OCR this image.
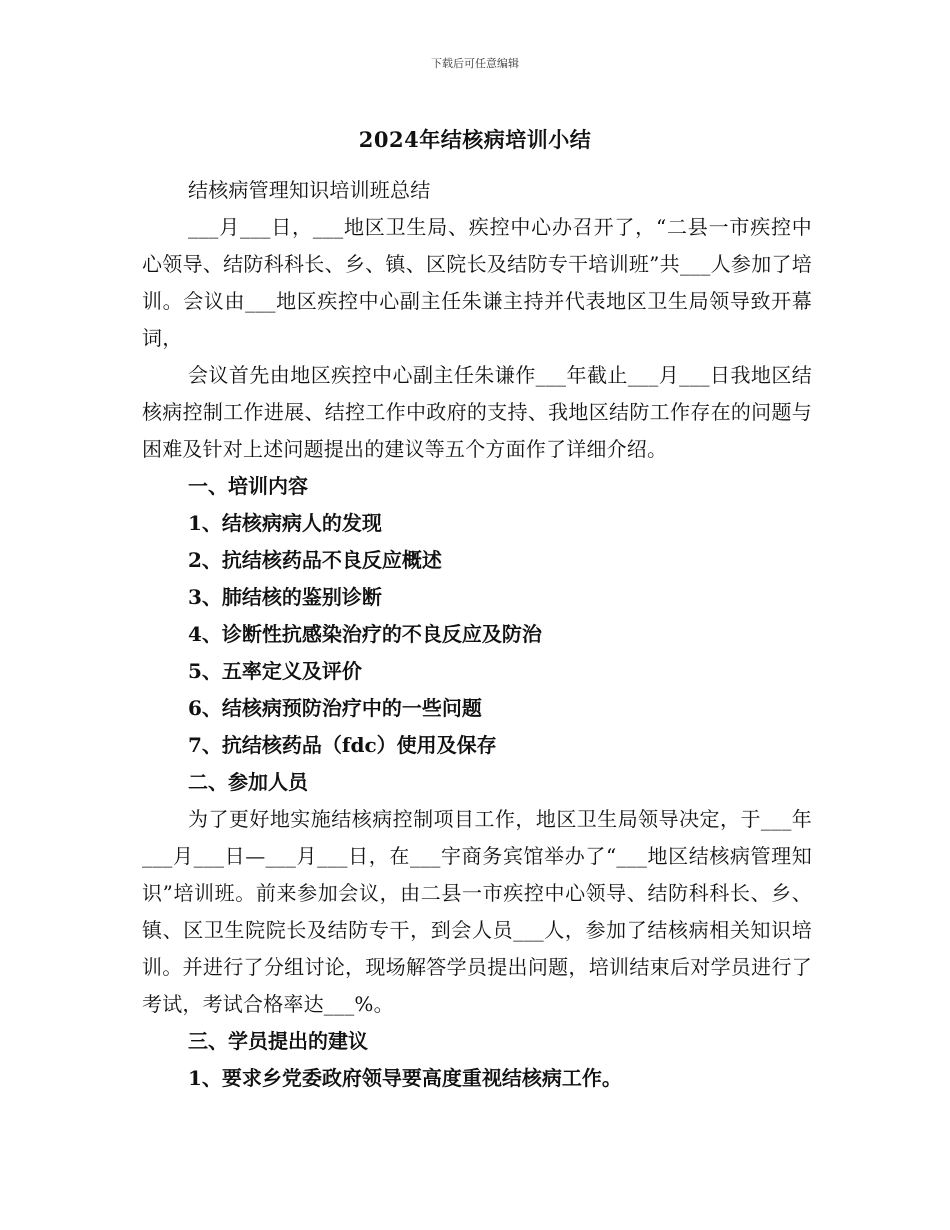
下载后可任意编辑
2024年结核病培训小结

结核病管理知识培训班总结

___月___日，___地区卫生局、疾控中心办召开了，“二县一市疾控中心领导、结防科科长、乡、镇、区院长及结防专干培训班”共___人参加了培训。会议由___地区疾控中心副主任朱谦主持并代表地区卫生局领导致开幕词，

会议首先由地区疾控中心副主任朱谦作___年截止___月___日我地区结核病控制工作进展、结控工作中政府的支持、我地区结防工作存在的问题与困难及针对上述问题提出的建议等五个方面作了详细介绍。

一、培训内容

1、结核病病人的发现

2、抗结核药品不良反应概述

3、肺结核的鉴别诊断

4、诊断性抗感染治疗的不良反应及防治

5、五率定义及评价

6、结核病预防治疗中的一些问题

7、抗结核药品（fdc）使用及保存

二、参加人员

为了更好地实施结核病控制项目工作，地区卫生局领导决定，于___年___月___日—___月___日，在___宇商务宾馆举办了“___地区结核病管理知识”培训班。前来参加会议，由二县一市疾控中心领导、结防科科长、乡、镇、区卫生院院长及结防专干，到会人员___人，参加了结核病相关知识培训。并进行了分组讨论，现场解答学员提出问题，培训结束后对学员进行了考试，考试合格率达___%。

三、学员提出的建议

1、要求乡党委政府领导要高度重视结核病工作。
